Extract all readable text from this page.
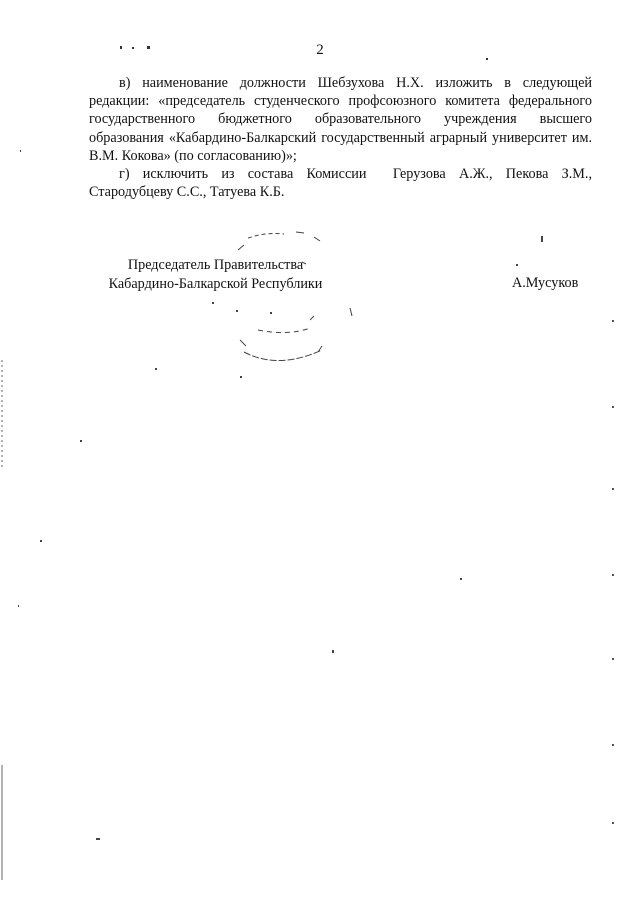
2

в) наименование должности Шебзухова Н.Х. изложить в следующей редакции: «председатель студенческого профсоюзного комитета федерального государственного бюджетного образовательного учреждения высшего образования «Кабардино-Балкарский государственный аграрный университет им. В.М. Кокова» (по согласованию)»;

г) исключить из состава Комиссии  Герузова А.Ж., Пекова З.М., Стародубцеву С.С., Татуева К.Б.

Председатель Правительства
Кабардино-Балкарской Республики	А.Мусуков
